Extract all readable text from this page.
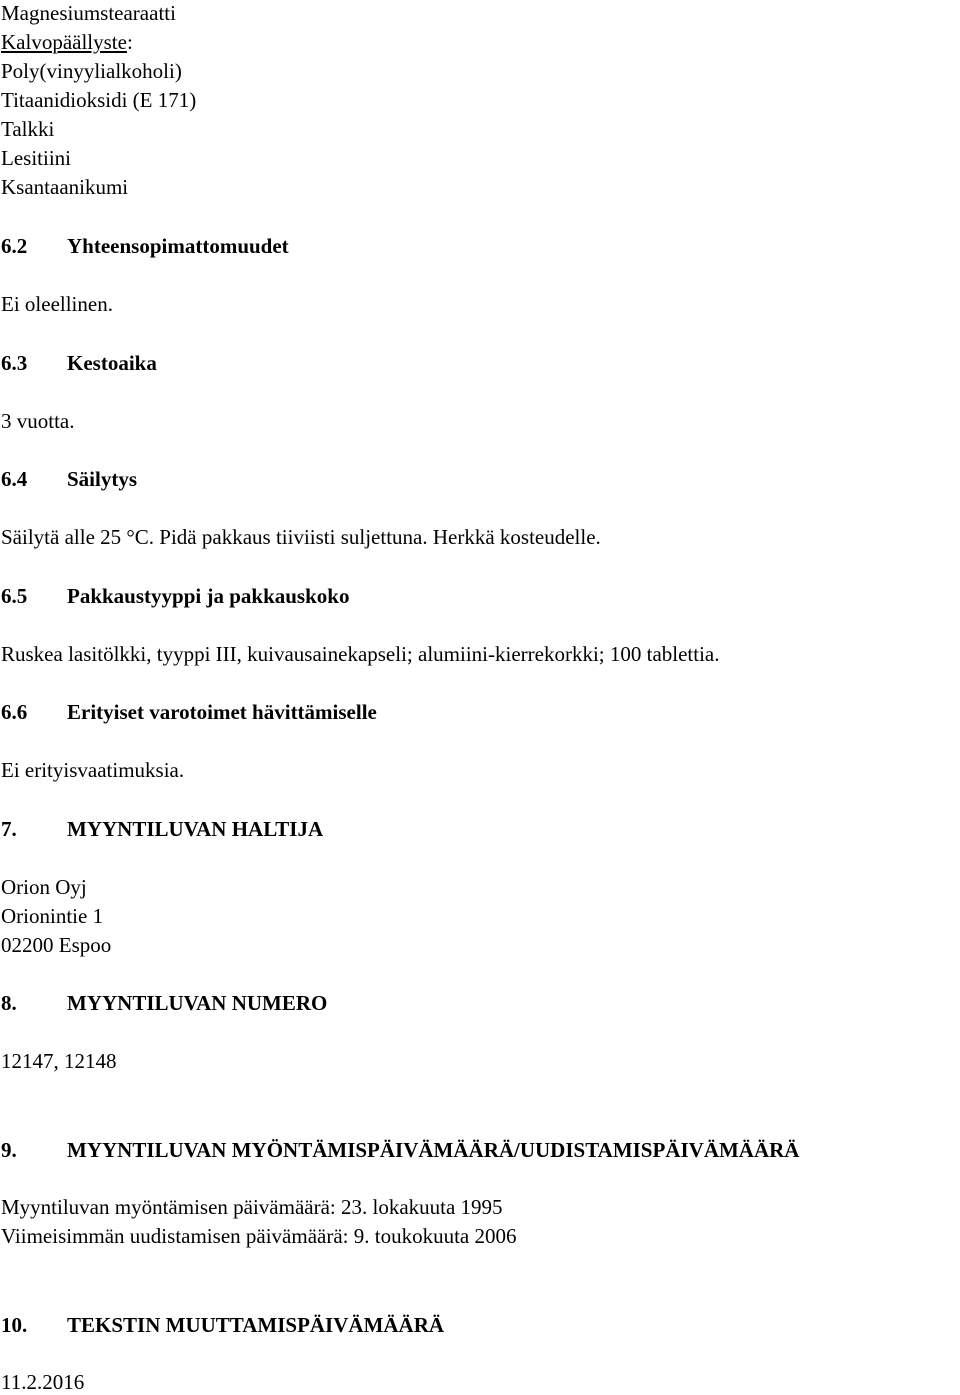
Magnesiumstearaatti
Kalvopäällyste:
Poly(vinyylialkoholi)
Titaanidioksidi (E 171)
Talkki
Lesitiini
Ksantaanikumi
6.2 Yhteensopimattomuudet
Ei oleellinen.
6.3 Kestoaika
3 vuotta.
6.4 Säilytys
Säilytä alle 25 °C. Pidä pakkaus tiiviisti suljettuna. Herkkä kosteudelle.
6.5 Pakkaustyyppi ja pakkauskoko
Ruskea lasitölkki, tyyppi III, kuivausainekapseli; alumiini-kierrekorkki; 100 tablettia.
6.6 Erityiset varotoimet hävittämiselle
Ei erityisvaatimuksia.
7. MYYNTILUVAN HALTIJA
Orion Oyj
Orionintie 1
02200 Espoo
8. MYYNTILUVAN NUMERO
12147, 12148
9. MYYNTILUVAN MYÖNTÄMISPÄIVÄMÄÄRÄ/UUDISTAMISPÄIVÄMÄÄRÄ
Myyntiluvan myöntämisen päivämäärä: 23. lokakuuta 1995
Viimeisimmän uudistamisen päivämäärä: 9. toukokuuta 2006
10. TEKSTIN MUUTTAMISPÄIVÄMÄÄRÄ
11.2.2016
